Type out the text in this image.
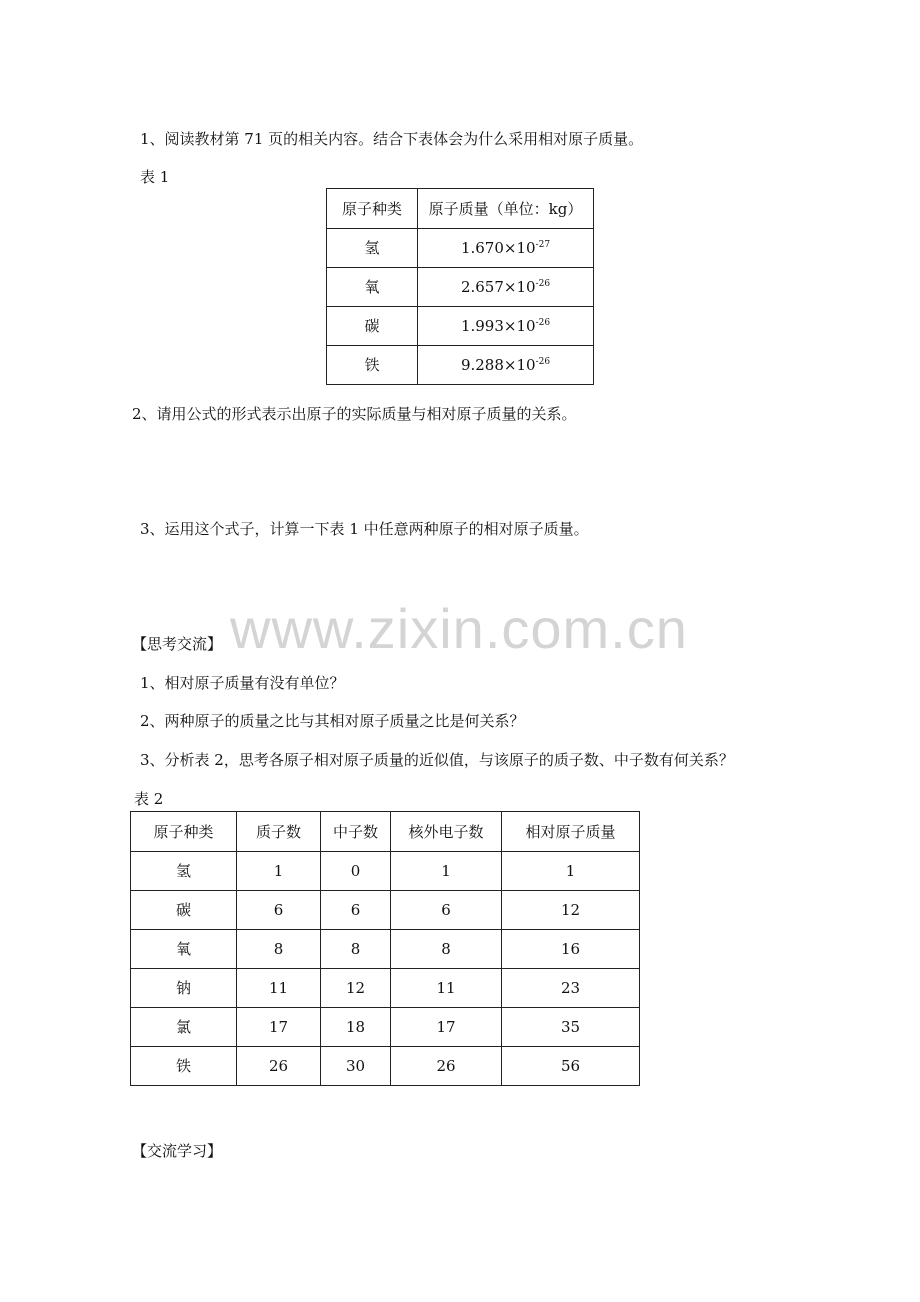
1、阅读教材第 71 页的相关内容。结合下表体会为什么采用相对原子质量。
表 1
原子种类	原子质量（单位：kg）
氢	$1.670\times 10^{-27}$
氧	$2.657\times 10^{-26}$
碳	$1.993\times 10^{-26}$
铁	$9.288\times 10^{-26}$
2、请用公式的形式表示出原子的实际质量与相对原子质量的关系。
3、运用这个式子，计算一下表 1 中任意两种原子的相对原子质量。
www.zixin.com.cn
【思考交流】
1、相对原子质量有没有单位？
2、两种原子的质量之比与其相对原子质量之比是何关系？
3、分析表 2，思考各原子相对原子质量的近似值，与该原子的质子数、中子数有何关系？
表 2
原子种类	质子数	中子数	核外电子数	相对原子质量
氢	1	0	1	1
碳	6	6	6	12
氧	8	8	8	16
钠	11	12	11	23
氯	17	18	17	35
铁	26	30	26	56
【交流学习】
